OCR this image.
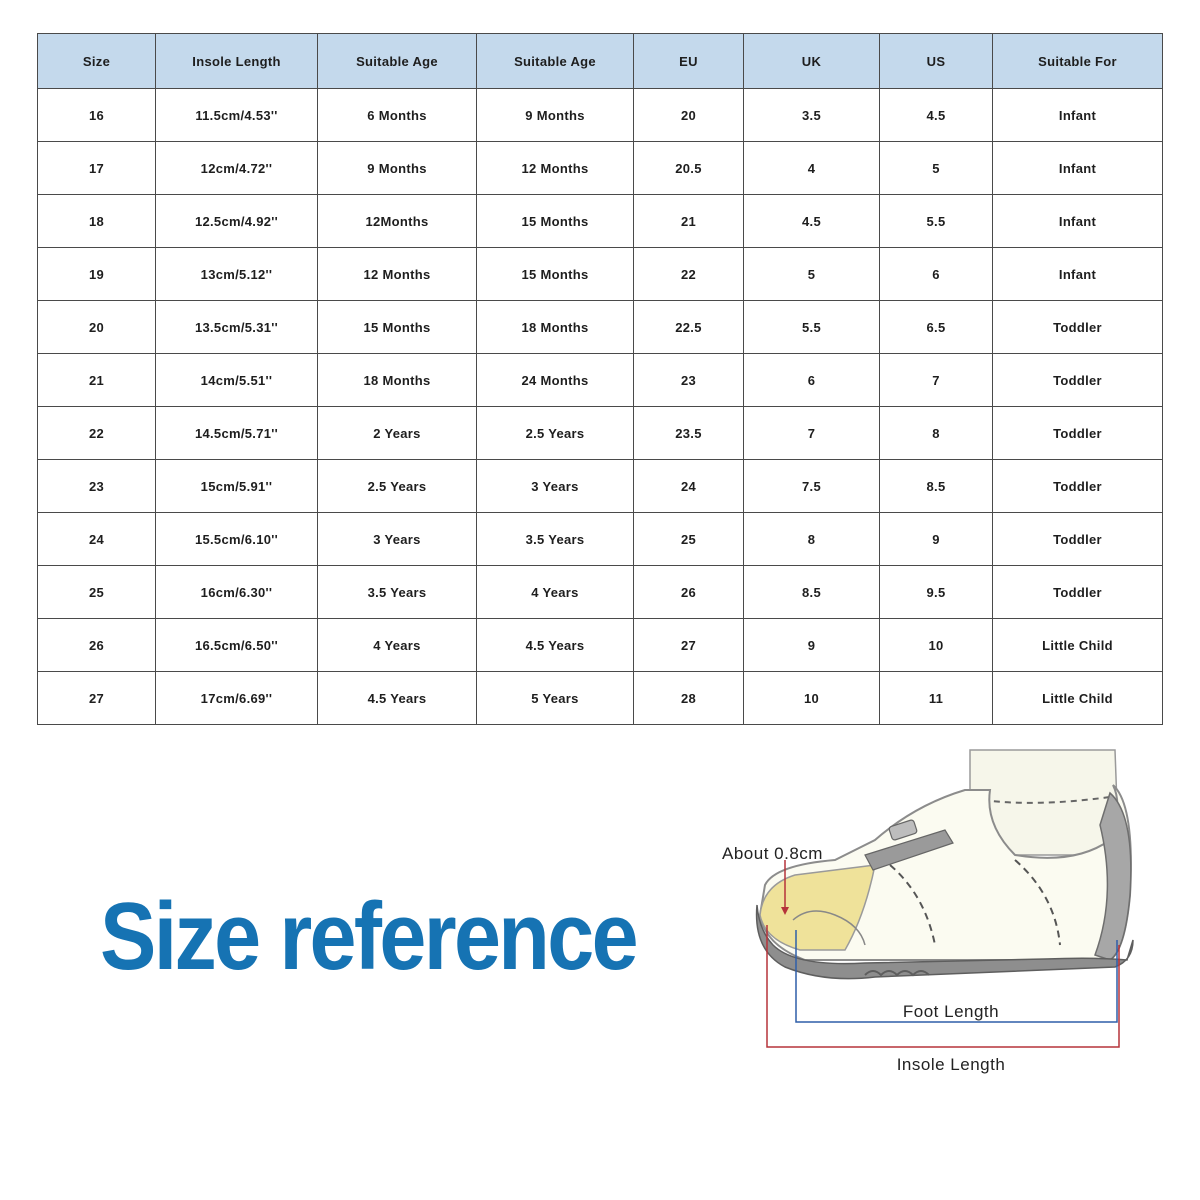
Size	Insole Length	Suitable Age	Suitable Age	EU	UK	US	Suitable For
16	11.5cm/4.53''	6 Months	9 Months	20	3.5	4.5	Infant
17	12cm/4.72''	9 Months	12 Months	20.5	4	5	Infant
18	12.5cm/4.92''	12Months	15 Months	21	4.5	5.5	Infant
19	13cm/5.12''	12 Months	15 Months	22	5	6	Infant
20	13.5cm/5.31''	15 Months	18 Months	22.5	5.5	6.5	Toddler
21	14cm/5.51''	18 Months	24 Months	23	6	7	Toddler
22	14.5cm/5.71''	2 Years	2.5 Years	23.5	7	8	Toddler
23	15cm/5.91''	2.5 Years	3 Years	24	7.5	8.5	Toddler
24	15.5cm/6.10''	3 Years	3.5 Years	25	8	9	Toddler
25	16cm/6.30''	3.5 Years	4 Years	26	8.5	9.5	Toddler
26	16.5cm/6.50''	4 Years	4.5 Years	27	9	10	Little Child
27	17cm/6.69''	4.5 Years	5 Years	28	10	11	Little Child
Size reference
About 0.8cm
Foot Length
Insole Length
